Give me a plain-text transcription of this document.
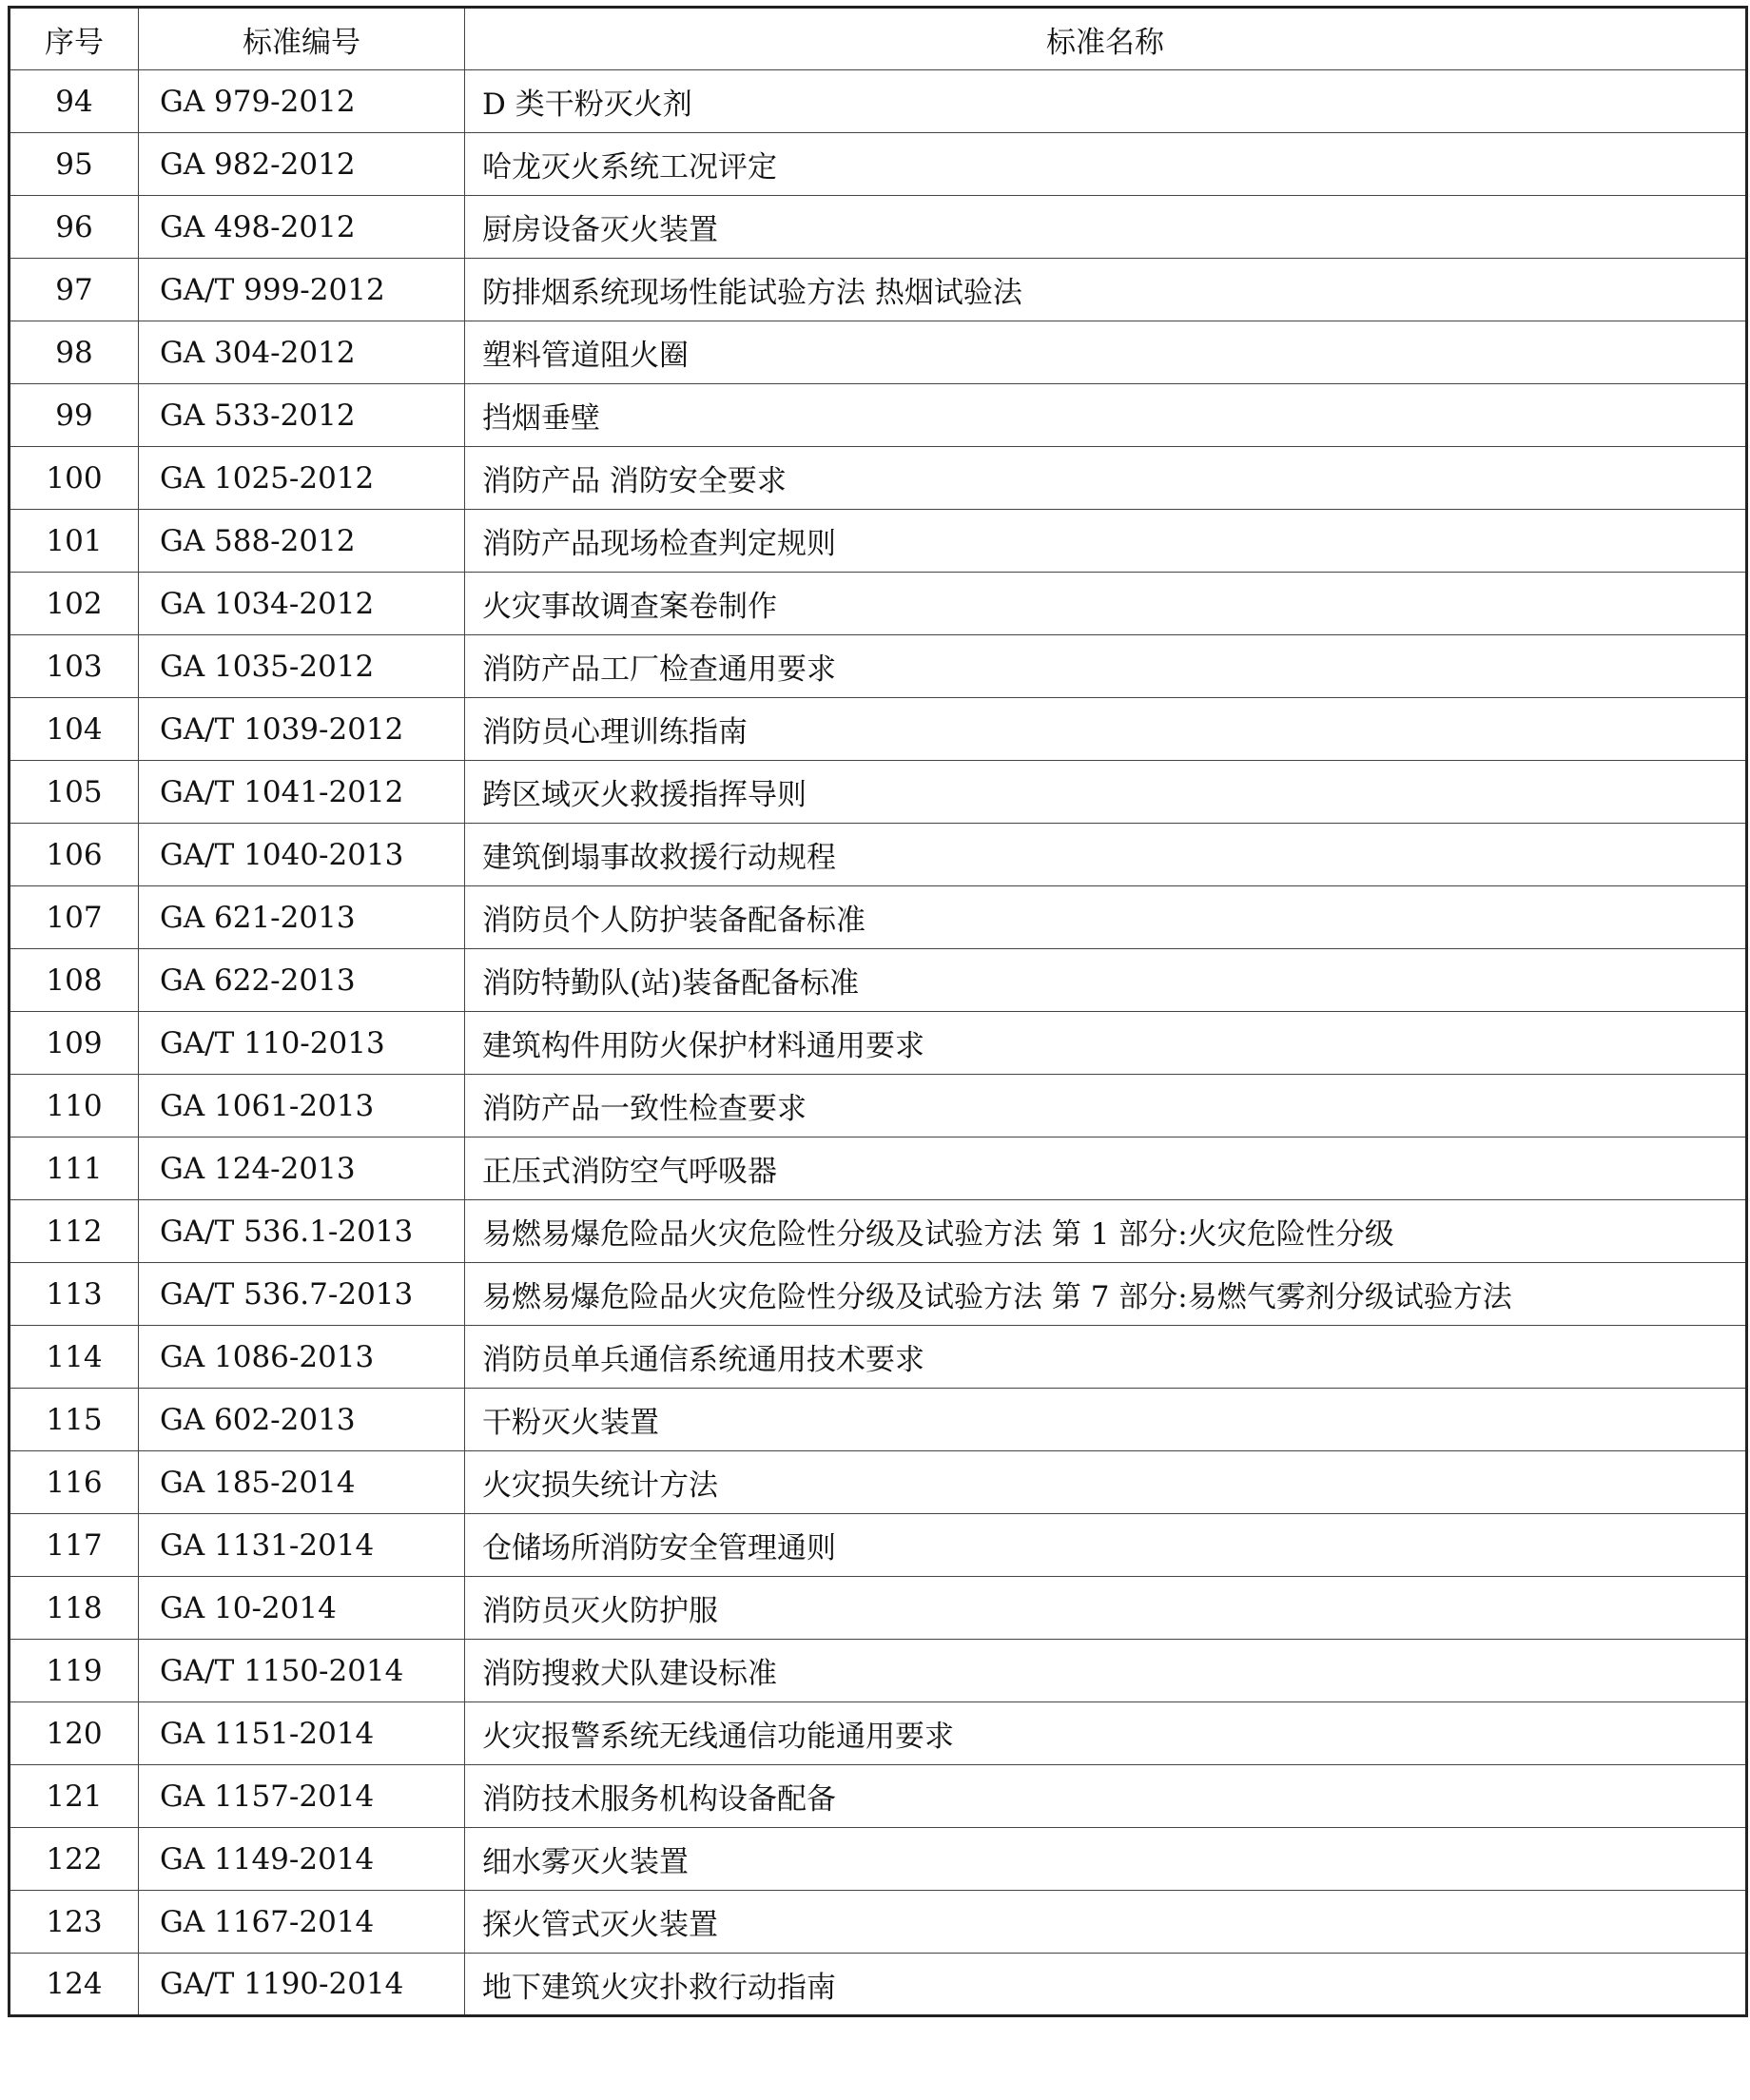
序号	标准编号	标准名称
94	GA 979-2012	D 类干粉灭火剂
95	GA 982-2012	哈龙灭火系统工况评定
96	GA 498-2012	厨房设备灭火装置
97	GA/T 999-2012	防排烟系统现场性能试验方法 热烟试验法
98	GA 304-2012	塑料管道阻火圈
99	GA 533-2012	挡烟垂壁
100	GA 1025-2012	消防产品 消防安全要求
101	GA 588-2012	消防产品现场检查判定规则
102	GA 1034-2012	火灾事故调查案卷制作
103	GA 1035-2012	消防产品工厂检查通用要求
104	GA/T 1039-2012	消防员心理训练指南
105	GA/T 1041-2012	跨区域灭火救援指挥导则
106	GA/T 1040-2013	建筑倒塌事故救援行动规程
107	GA 621-2013	消防员个人防护装备配备标准
108	GA 622-2013	消防特勤队(站)装备配备标准
109	GA/T 110-2013	建筑构件用防火保护材料通用要求
110	GA 1061-2013	消防产品一致性检查要求
111	GA 124-2013	正压式消防空气呼吸器
112	GA/T 536.1-2013	易燃易爆危险品火灾危险性分级及试验方法 第 1 部分:火灾危险性分级
113	GA/T 536.7-2013	易燃易爆危险品火灾危险性分级及试验方法 第 7 部分:易燃气雾剂分级试验方法
114	GA 1086-2013	消防员单兵通信系统通用技术要求
115	GA 602-2013	干粉灭火装置
116	GA 185-2014	火灾损失统计方法
117	GA 1131-2014	仓储场所消防安全管理通则
118	GA 10-2014	消防员灭火防护服
119	GA/T 1150-2014	消防搜救犬队建设标准
120	GA 1151-2014	火灾报警系统无线通信功能通用要求
121	GA 1157-2014	消防技术服务机构设备配备
122	GA 1149-2014	细水雾灭火装置
123	GA 1167-2014	探火管式灭火装置
124	GA/T 1190-2014	地下建筑火灾扑救行动指南
